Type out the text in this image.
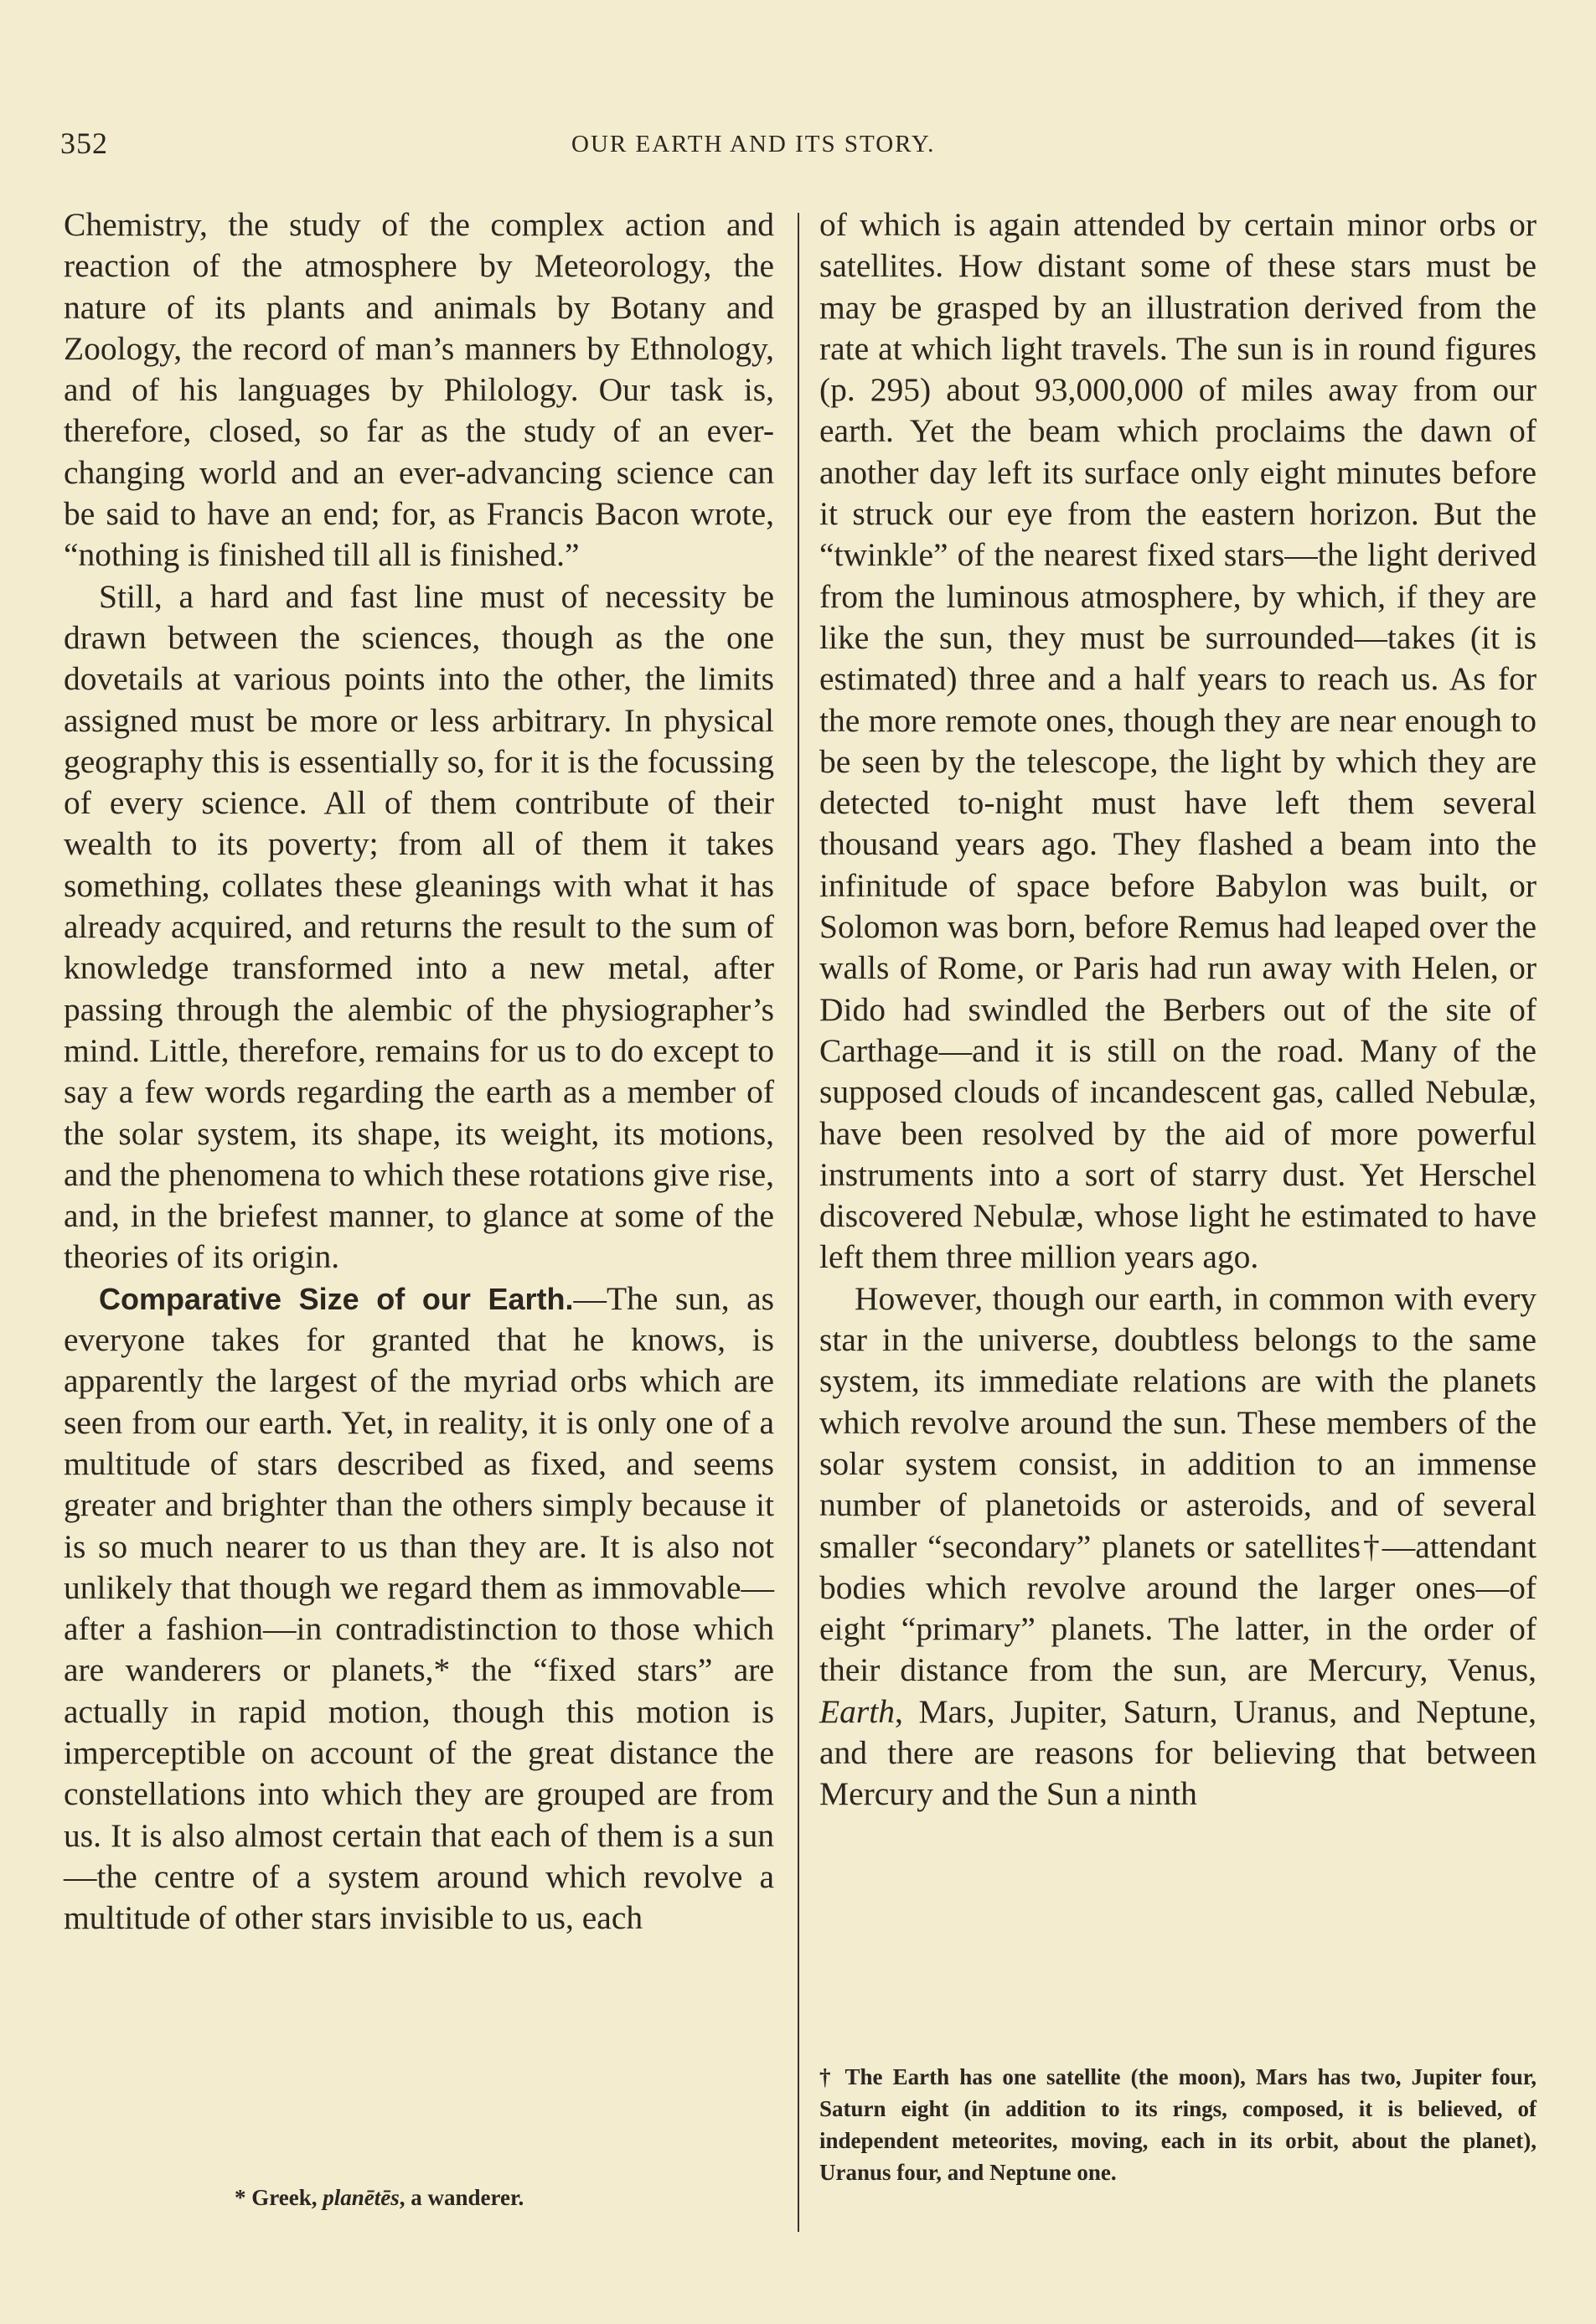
352	OUR EARTH AND ITS STORY.

Chemistry, the study of the complex action and reaction of the atmosphere by Meteorology, the nature of its plants and animals by Botany and Zoology, the record of man’s manners by Ethnology, and of his languages by Philology. Our task is, therefore, closed, so far as the study of an ever-changing world and an ever-advancing science can be said to have an end; for, as Francis Bacon wrote, “nothing is finished till all is finished.”

Still, a hard and fast line must of necessity be drawn between the sciences, though as the one dovetails at various points into the other, the limits assigned must be more or less arbitrary. In physical geography this is essentially so, for it is the focussing of every science. All of them contribute of their wealth to its poverty; from all of them it takes something, collates these gleanings with what it has already acquired, and returns the result to the sum of knowledge transformed into a new metal, after passing through the alembic of the physiographer’s mind. Little, therefore, remains for us to do except to say a few words regarding the earth as a member of the solar system, its shape, its weight, its motions, and the phenomena to which these rotations give rise, and, in the briefest manner, to glance at some of the theories of its origin.

Comparative Size of our Earth.—The sun, as everyone takes for granted that he knows, is apparently the largest of the myriad orbs which are seen from our earth. Yet, in reality, it is only one of a multitude of stars described as fixed, and seems greater and brighter than the others simply because it is so much nearer to us than they are. It is also not unlikely that though we regard them as immovable—after a fashion—in contradistinction to those which are wanderers or planets,* the “fixed stars” are actually in rapid motion, though this motion is imperceptible on account of the great distance the constellations into which they are grouped are from us. It is also almost certain that each of them is a sun—the centre of a system around which revolve a multitude of other stars invisible to us, each

of which is again attended by certain minor orbs or satellites. How distant some of these stars must be may be grasped by an illustration derived from the rate at which light travels. The sun is in round figures (p. 295) about 93,000,000 of miles away from our earth. Yet the beam which proclaims the dawn of another day left its surface only eight minutes before it struck our eye from the eastern horizon. But the “twinkle” of the nearest fixed stars—the light derived from the luminous atmosphere, by which, if they are like the sun, they must be surrounded—takes (it is estimated) three and a half years to reach us. As for the more remote ones, though they are near enough to be seen by the telescope, the light by which they are detected to-night must have left them several thousand years ago. They flashed a beam into the infinitude of space before Babylon was built, or Solomon was born, before Remus had leaped over the walls of Rome, or Paris had run away with Helen, or Dido had swindled the Berbers out of the site of Carthage—and it is still on the road. Many of the supposed clouds of incandescent gas, called Nebulæ, have been resolved by the aid of more powerful instruments into a sort of starry dust. Yet Herschel discovered Nebulæ, whose light he estimated to have left them three million years ago.

However, though our earth, in common with every star in the universe, doubtless belongs to the same system, its immediate relations are with the planets which revolve around the sun. These members of the solar system consist, in addition to an immense number of planetoids or asteroids, and of several smaller “secondary” planets or satellites†—attendant bodies which revolve around the larger ones—of eight “primary” planets. The latter, in the order of their distance from the sun, are Mercury, Venus, Earth, Mars, Jupiter, Saturn, Uranus, and Neptune, and there are reasons for believing that between Mercury and the Sun a ninth

* Greek, planētēs, a wanderer.

† The Earth has one satellite (the moon), Mars has two, Jupiter four, Saturn eight (in addition to its rings, composed, it is believed, of independent meteorites, moving, each in its orbit, about the planet), Uranus four, and Neptune one.
